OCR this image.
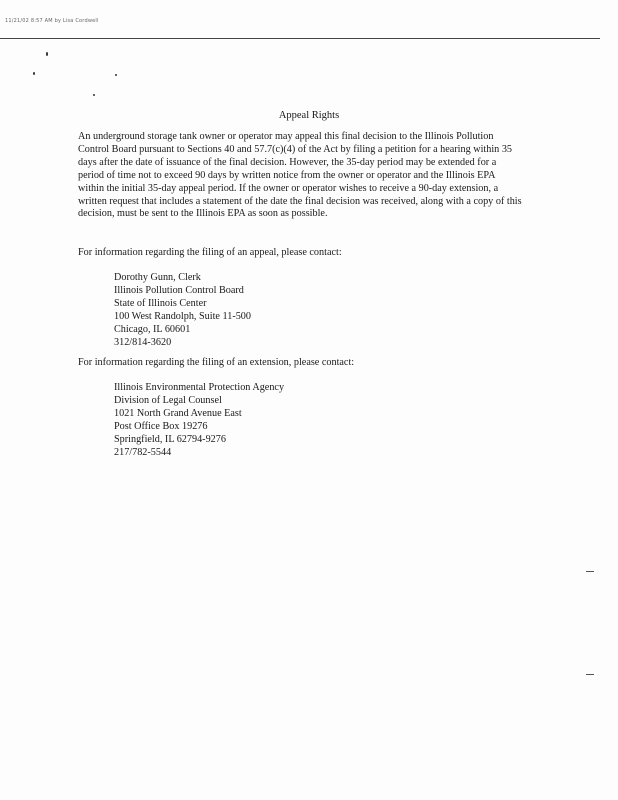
11/21/02 8:57 AM by Lisa Cordwell
Appeal Rights

An underground storage tank owner or operator may appeal this final decision to the Illinois Pollution Control Board pursuant to Sections 40 and 57.7(c)(4) of the Act by filing a petition for a hearing within 35 days after the date of issuance of the final decision. However, the 35-day period may be extended for a period of time not to exceed 90 days by written notice from the owner or operator and the Illinois EPA within the initial 35-day appeal period. If the owner or operator wishes to receive a 90-day extension, a written request that includes a statement of the date the final decision was received, along with a copy of this decision, must be sent to the Illinois EPA as soon as possible.

For information regarding the filing of an appeal, please contact:

Dorothy Gunn, Clerk
Illinois Pollution Control Board
State of Illinois Center
100 West Randolph, Suite 11-500
Chicago, IL 60601
312/814-3620

For information regarding the filing of an extension, please contact:

Illinois Environmental Protection Agency
Division of Legal Counsel
1021 North Grand Avenue East
Post Office Box 19276
Springfield, IL 62794-9276
217/782-5544
